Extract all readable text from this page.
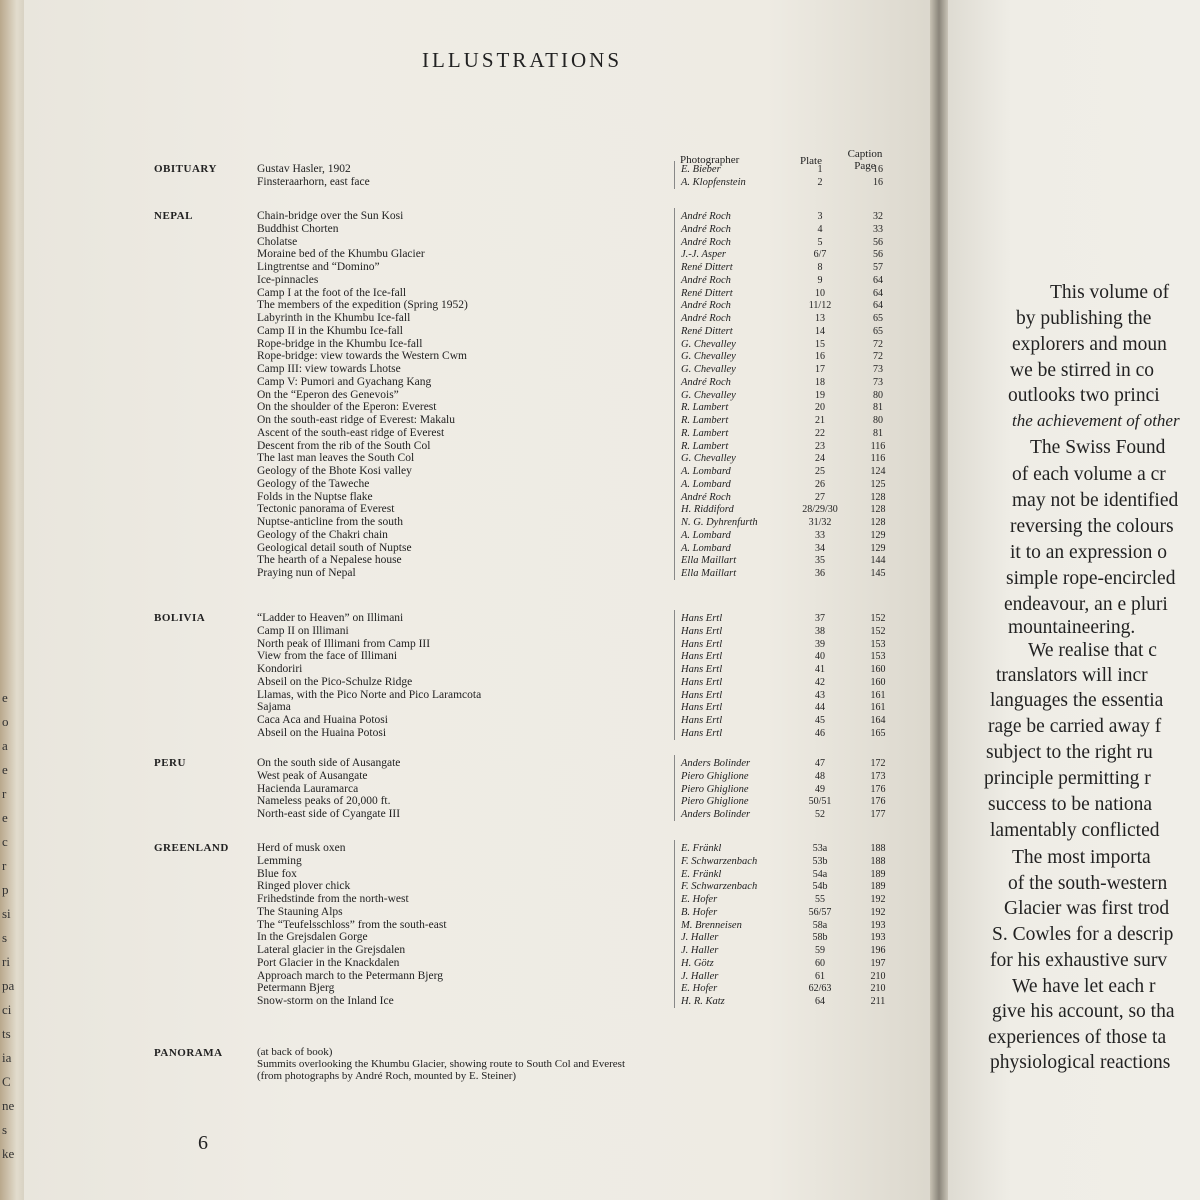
e
o
a
e
r
e
c
r
p
si
s
ri
pa
ci
ts
ia
C
ne
s
ke
ILLUSTRATIONS
Photographer	Plate
Caption
Page
OBITUARY	Gustav Hasler, 1902	E. Bieber	1	16
Finsteraarhorn, east face	A. Klopfenstein	2	16
NEPAL	Chain-bridge over the Sun Kosi	André Roch	3	32
Buddhist Chorten	André Roch	4	33
Cholatse	André Roch	5	56
Moraine bed of the Khumbu Glacier	J.-J. Asper	6/7	56
Lingtrentse and “Domino”	René Dittert	8	57
Ice-pinnacles	André Roch	9	64
Camp I at the foot of the Ice-fall	René Dittert	10	64
The members of the expedition (Spring 1952)	André Roch	11/12	64
Labyrinth in the Khumbu Ice-fall	André Roch	13	65
Camp II in the Khumbu Ice-fall	René Dittert	14	65
Rope-bridge in the Khumbu Ice-fall	G. Chevalley	15	72
Rope-bridge: view towards the Western Cwm	G. Chevalley	16	72
Camp III: view towards Lhotse	G. Chevalley	17	73
Camp V: Pumori and Gyachang Kang	André Roch	18	73
On the “Eperon des Genevois”	G. Chevalley	19	80
On the shoulder of the Eperon: Everest	R. Lambert	20	81
On the south-east ridge of Everest: Makalu	R. Lambert	21	80
Ascent of the south-east ridge of Everest	R. Lambert	22	81
Descent from the rib of the South Col	R. Lambert	23	116
The last man leaves the South Col	G. Chevalley	24	116
Geology of the Bhote Kosi valley	A. Lombard	25	124
Geology of the Taweche	A. Lombard	26	125
Folds in the Nuptse flake	André Roch	27	128
Tectonic panorama of Everest	H. Riddiford	28/29/30	128
Nuptse-anticline from the south	N. G. Dyhrenfurth	31/32	128
Geology of the Chakri chain	A. Lombard	33	129
Geological detail south of Nuptse	A. Lombard	34	129
The hearth of a Nepalese house	Ella Maillart	35	144
Praying nun of Nepal	Ella Maillart	36	145
BOLIVIA	“Ladder to Heaven” on Illimani	Hans Ertl	37	152
Camp II on Illimani	Hans Ertl	38	152
North peak of Illimani from Camp III	Hans Ertl	39	153
View from the face of Illimani	Hans Ertl	40	153
Kondoriri	Hans Ertl	41	160
Abseil on the Pico-Schulze Ridge	Hans Ertl	42	160
Llamas, with the Pico Norte and Pico Laramcota	Hans Ertl	43	161
Sajama	Hans Ertl	44	161
Caca Aca and Huaina Potosi	Hans Ertl	45	164
Abseil on the Huaina Potosi	Hans Ertl	46	165
PERU	On the south side of Ausangate	Anders Bolinder	47	172
West peak of Ausangate	Piero Ghiglione	48	173
Hacienda Lauramarca	Piero Ghiglione	49	176
Nameless peaks of 20,000 ft.	Piero Ghiglione	50/51	176
North-east side of Cyangate III	Anders Bolinder	52	177
GREENLAND Herd of musk oxen	E. Fränkl	53a	188
Lemming	F. Schwarzenbach	53b	188
Blue fox	E. Fränkl	54a	189
Ringed plover chick	F. Schwarzenbach	54b	189
Frihedstinde from the north-west	E. Hofer	55	192
The Stauning Alps	B. Hofer	56/57	192
The “Teufelsschloss” from the south-east	M. Brenneisen	58a	193
In the Grejsdalen Gorge	J. Haller	58b	193
Lateral glacier in the Grejsdalen	J. Haller	59	196
Port Glacier in the Knackdalen	H. Götz	60	197
Approach march to the Petermann Bjerg	J. Haller	61	210
Petermann Bjerg	E. Hofer	62/63	210
Snow-storm on the Inland Ice	H. R. Katz	64	211
PANORAMA	(at back of book)
Summits overlooking the Khumbu Glacier, showing route to South Col and Everest
(from photographs by André Roch, mounted by E. Steiner)
6
This volume of
by publishing the
explorers and moun
we be stirred in co
outlooks two princi
the achievement of other
The Swiss Found
of each volume a cr
may not be identified
reversing the colours
it to an expression o
simple rope-encircled
endeavour, an e pluri
mountaineering.
We realise that c
translators will incr
languages the essentia
rage be carried away f
subject to the right ru
principle permitting r
success to be nationa
lamentably conflicted
The most importa
of the south-western
Glacier was first trod
S. Cowles for a descrip
for his exhaustive surv
We have let each r
give his account, so tha
experiences of those ta
physiological reactions
